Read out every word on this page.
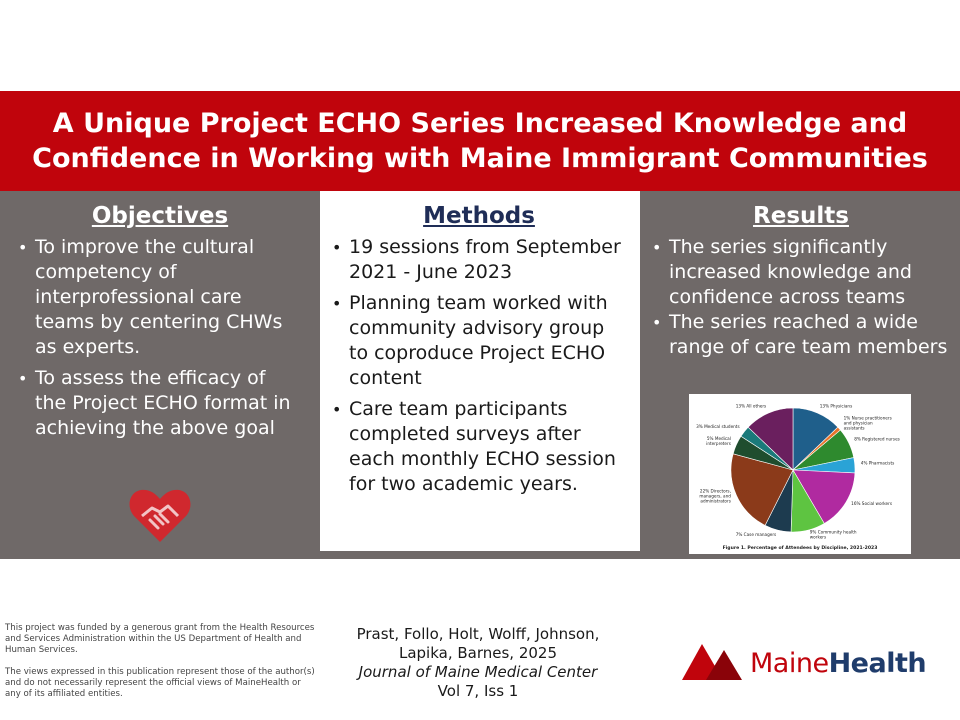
A Unique Project ECHO Series Increased Knowledge and Confidence in Working with Maine Immigrant Communities
Objectives
• To improve the cultural competency of interprofessional care teams by centering CHWs as experts.
• To assess the efficacy of the Project ECHO format in achieving the above goal
Methods
• 19 sessions from September 2021 - June 2023
• Planning team worked with community advisory group to coproduce Project ECHO content
• Care team participants completed surveys after each monthly ECHO session for two academic years.
Results
• The series significantly increased knowledge and confidence across teams
• The series reached a wide range of care team members
13% Physicians
1% Nurse practitioners and physician assistants
8% Registered nurses
4% Pharmacists
16% Social workers
9% Community health workers
7% Case managers
22% Directors, managers, and administrators
5% Medical interpreters
3% Medical students
13% All others
Figure 1. Percentage of Attendees by Discipline, 2021-2023

This project was funded by a generous grant from the Health Resources and Services Administration within the US Department of Health and Human Services.

The views expressed in this publication represent those of the author(s) and do not necessarily represent the official views of MaineHealth or any of its affiliated entities.

Prast, Follo, Holt, Wolff, Johnson,
Lapika, Barnes, 2025
Journal of Maine Medical Center
Vol 7, Iss 1
MaineHealth
